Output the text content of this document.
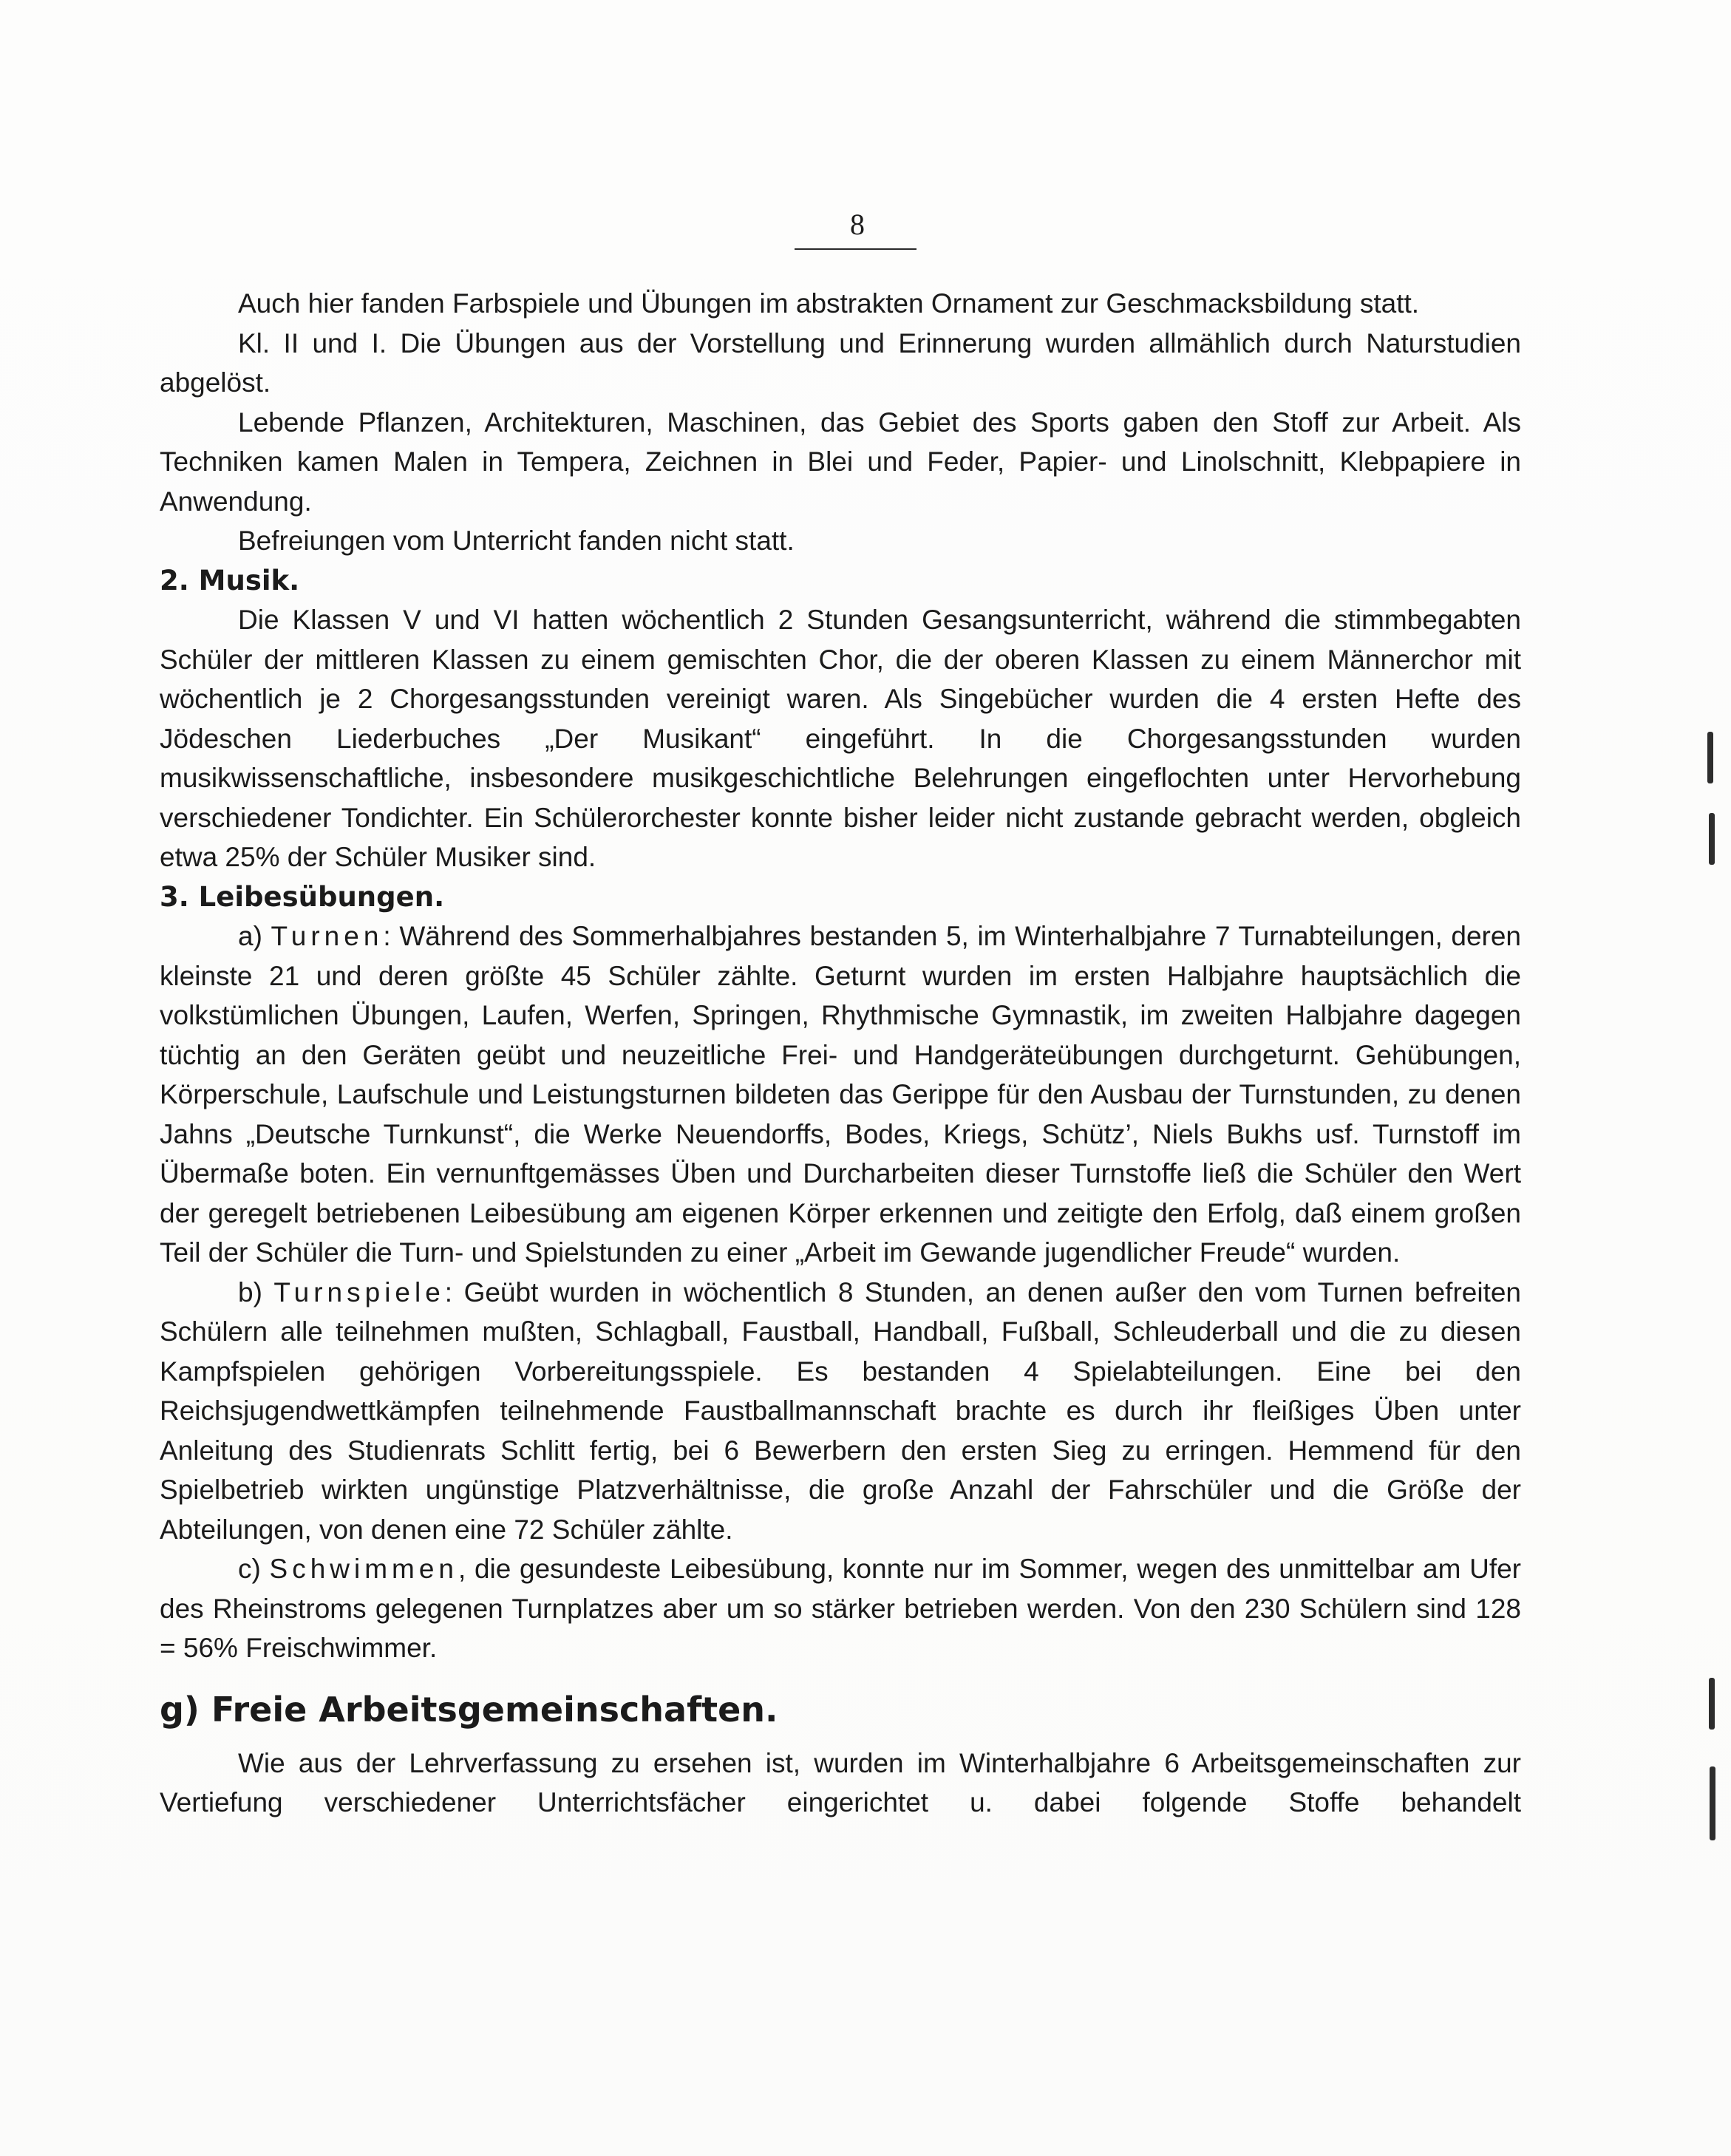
8

Auch hier fanden Farbspiele und Übungen im abstrakten Ornament zur Geschmacksbildung statt.

Kl. II und I. Die Übungen aus der Vorstellung und Erinnerung wurden allmählich durch Naturstudien abgelöst.

Lebende Pflanzen, Architekturen, Maschinen, das Gebiet des Sports gaben den Stoff zur Arbeit. Als Techniken kamen Malen in Tempera, Zeichnen in Blei und Feder, Papier- und Linolschnitt, Klebpapiere in Anwendung.

Befreiungen vom Unterricht fanden nicht statt.

2. Musik.

Die Klassen V und VI hatten wöchentlich 2 Stunden Gesangsunterricht, während die stimmbegabten Schüler der mittleren Klassen zu einem gemischten Chor, die der oberen Klassen zu einem Männerchor mit wöchentlich je 2 Chorgesangsstunden vereinigt waren. Als Singebücher wurden die 4 ersten Hefte des Jödeschen Liederbuches „Der Musikant“ eingeführt. In die Chorgesangsstunden wurden musikwissenschaftliche, insbesondere musikgeschichtliche Belehrungen eingeflochten unter Hervorhebung verschiedener Tondichter. Ein Schülerorchester konnte bisher leider nicht zustande gebracht werden, obgleich etwa 25% der Schüler Musiker sind.

3. Leibesübungen.

a) Turnen: Während des Sommerhalbjahres bestanden 5, im Winterhalbjahre 7 Turnabteilungen, deren kleinste 21 und deren größte 45 Schüler zählte. Geturnt wurden im ersten Halbjahre hauptsächlich die volkstümlichen Übungen, Laufen, Werfen, Springen, Rhythmische Gymnastik, im zweiten Halbjahre dagegen tüchtig an den Geräten geübt und neuzeitliche Frei- und Handgeräteübungen durchgeturnt. Gehübungen, Körperschule, Laufschule und Leistungsturnen bildeten das Gerippe für den Ausbau der Turnstunden, zu denen Jahns „Deutsche Turnkunst“, die Werke Neuendorffs, Bodes, Kriegs, Schütz’, Niels Bukhs usf. Turnstoff im Übermaße boten. Ein vernunftgemässes Üben und Durcharbeiten dieser Turnstoffe ließ die Schüler den Wert der geregelt betriebenen Leibesübung am eigenen Körper erkennen und zeitigte den Erfolg, daß einem großen Teil der Schüler die Turn- und Spielstunden zu einer „Arbeit im Gewande jugendlicher Freude“ wurden.

b) Turnspiele: Geübt wurden in wöchentlich 8 Stunden, an denen außer den vom Turnen befreiten Schülern alle teilnehmen mußten, Schlagball, Faustball, Handball, Fußball, Schleuderball und die zu diesen Kampfspielen gehörigen Vorbereitungsspiele. Es bestanden 4 Spielabteilungen. Eine bei den Reichsjugendwettkämpfen teilnehmende Faustballmannschaft brachte es durch ihr fleißiges Üben unter Anleitung des Studienrats Schlitt fertig, bei 6 Bewerbern den ersten Sieg zu erringen. Hemmend für den Spielbetrieb wirkten ungünstige Platzverhältnisse, die große Anzahl der Fahrschüler und die Größe der Abteilungen, von denen eine 72 Schüler zählte.

c) Schwimmen, die gesundeste Leibesübung, konnte nur im Sommer, wegen des unmittelbar am Ufer des Rheinstroms gelegenen Turnplatzes aber um so stärker betrieben werden. Von den 230 Schülern sind 128 = 56% Freischwimmer.

g) Freie Arbeitsgemeinschaften.

Wie aus der Lehrverfassung zu ersehen ist, wurden im Winterhalbjahre 6 Arbeitsgemeinschaften zur Vertiefung verschiedener Unterrichtsfächer eingerichtet u. dabei folgende Stoffe behandelt
